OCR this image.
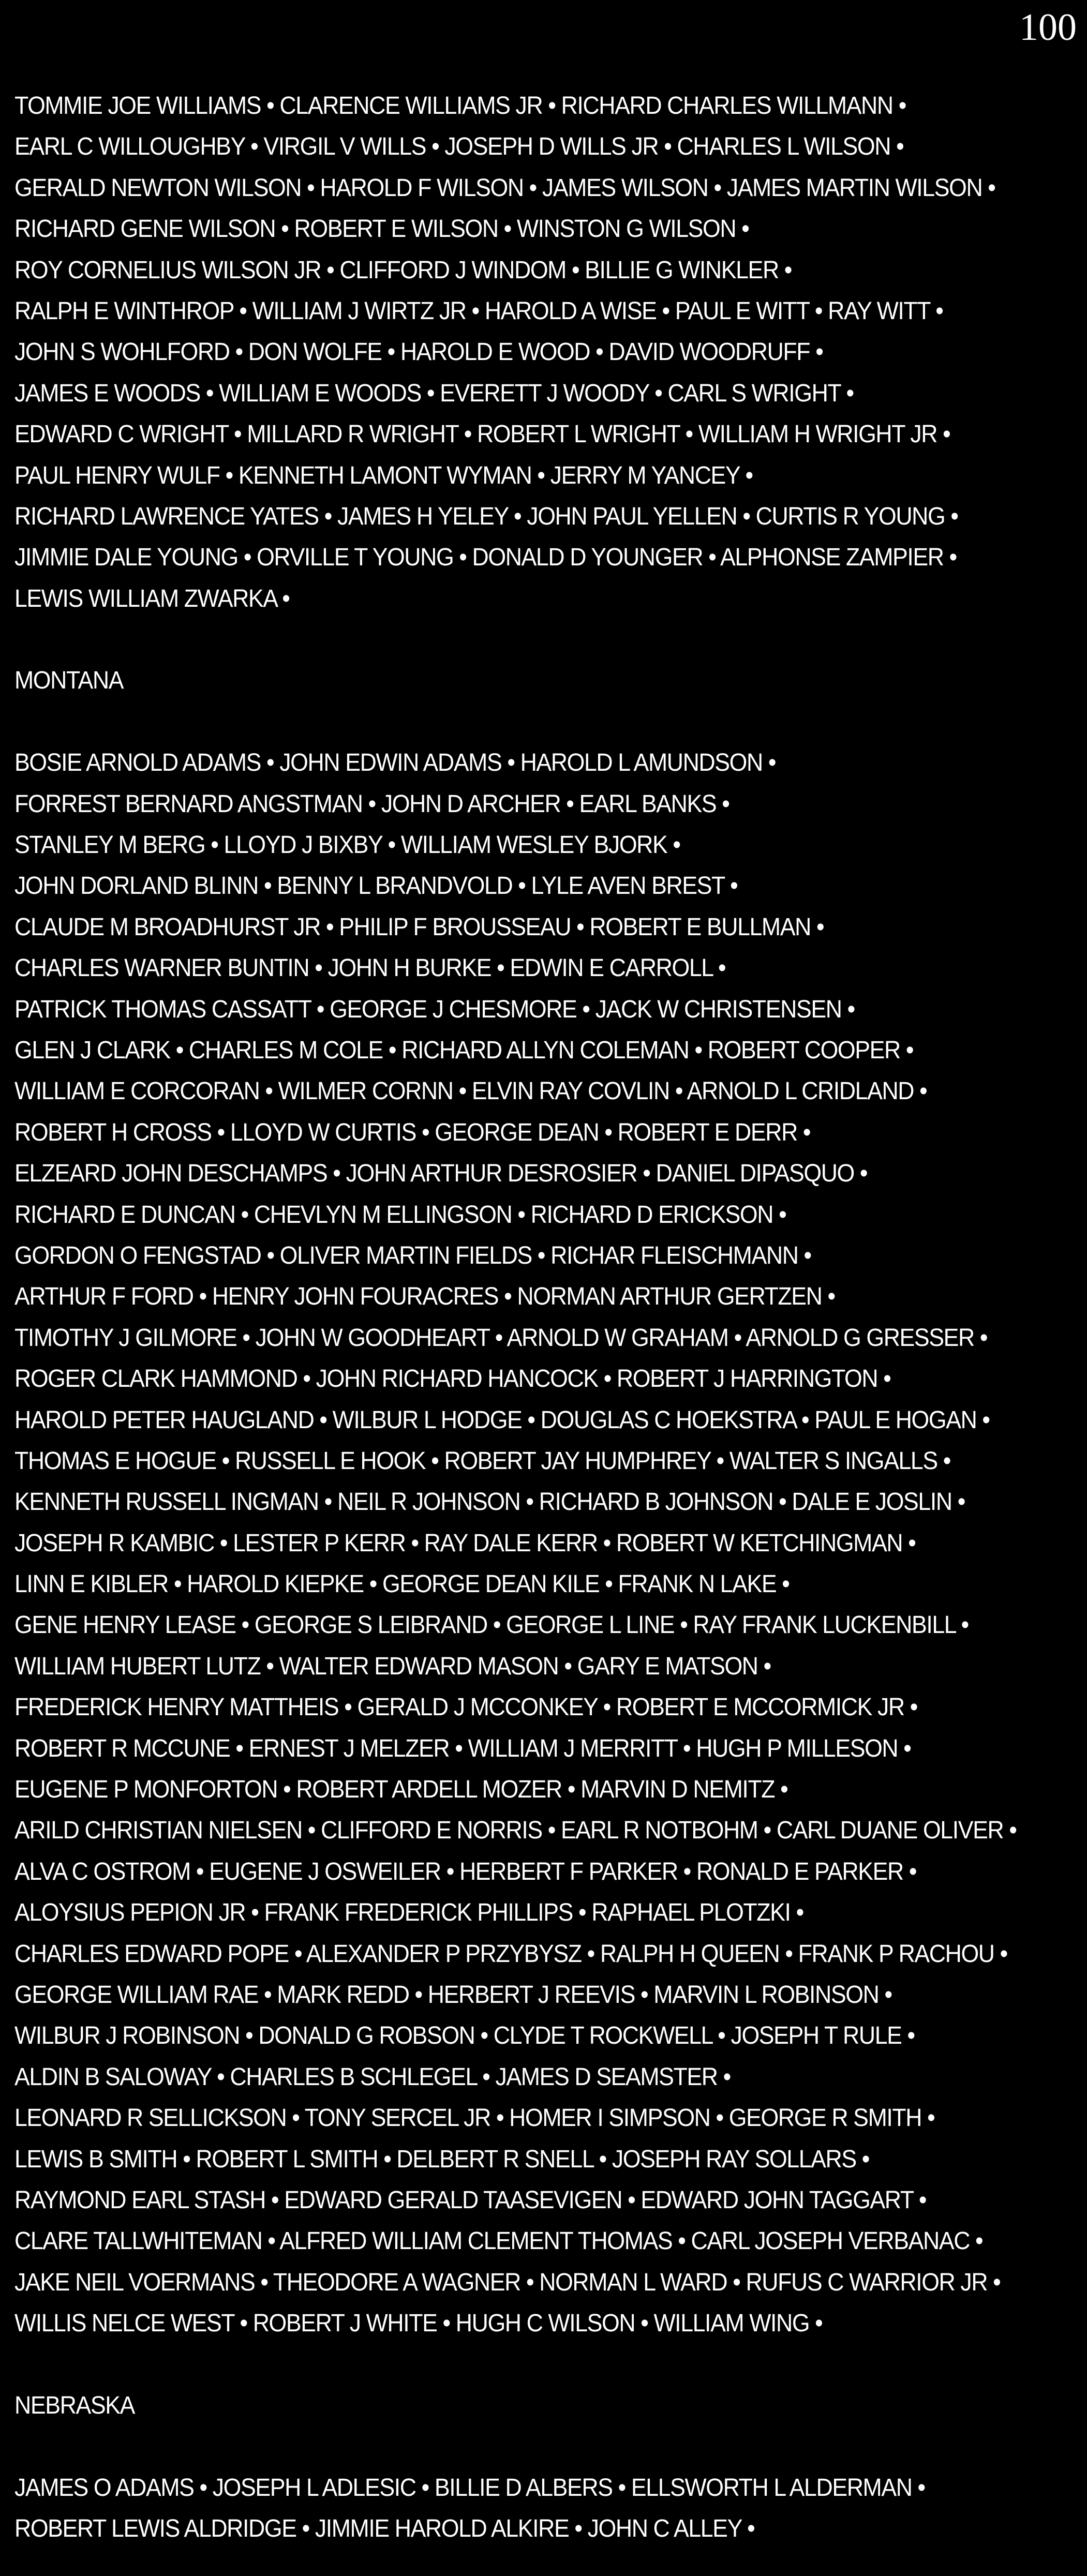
100
TOMMIE JOE WILLIAMS • CLARENCE WILLIAMS JR • RICHARD CHARLES WILLMANN •
EARL C WILLOUGHBY • VIRGIL V WILLS • JOSEPH D WILLS JR • CHARLES L WILSON •
GERALD NEWTON WILSON • HAROLD F WILSON • JAMES WILSON • JAMES MARTIN WILSON •
RICHARD GENE WILSON • ROBERT E WILSON • WINSTON G WILSON •
ROY CORNELIUS WILSON JR • CLIFFORD J WINDOM • BILLIE G WINKLER •
RALPH E WINTHROP • WILLIAM J WIRTZ JR • HAROLD A WISE • PAUL E WITT • RAY WITT •
JOHN S WOHLFORD • DON WOLFE • HAROLD E WOOD • DAVID WOODRUFF •
JAMES E WOODS • WILLIAM E WOODS • EVERETT J WOODY • CARL S WRIGHT •
EDWARD C WRIGHT • MILLARD R WRIGHT • ROBERT L WRIGHT • WILLIAM H WRIGHT JR •
PAUL HENRY WULF • KENNETH LAMONT WYMAN • JERRY M YANCEY •
RICHARD LAWRENCE YATES • JAMES H YELEY • JOHN PAUL YELLEN • CURTIS R YOUNG •
JIMMIE DALE YOUNG • ORVILLE T YOUNG • DONALD D YOUNGER • ALPHONSE ZAMPIER •
LEWIS WILLIAM ZWARKA •
MONTANA
BOSIE ARNOLD ADAMS • JOHN EDWIN ADAMS • HAROLD L AMUNDSON •
FORREST BERNARD ANGSTMAN • JOHN D ARCHER • EARL BANKS •
STANLEY M BERG • LLOYD J BIXBY • WILLIAM WESLEY BJORK •
JOHN DORLAND BLINN • BENNY L BRANDVOLD • LYLE AVEN BREST •
CLAUDE M BROADHURST JR • PHILIP F BROUSSEAU • ROBERT E BULLMAN •
CHARLES WARNER BUNTIN • JOHN H BURKE • EDWIN E CARROLL •
PATRICK THOMAS CASSATT • GEORGE J CHESMORE • JACK W CHRISTENSEN •
GLEN J CLARK • CHARLES M COLE • RICHARD ALLYN COLEMAN • ROBERT COOPER •
WILLIAM E CORCORAN • WILMER CORNN • ELVIN RAY COVLIN • ARNOLD L CRIDLAND •
ROBERT H CROSS • LLOYD W CURTIS • GEORGE DEAN • ROBERT E DERR •
ELZEARD JOHN DESCHAMPS • JOHN ARTHUR DESROSIER • DANIEL DIPASQUO •
RICHARD E DUNCAN • CHEVLYN M ELLINGSON • RICHARD D ERICKSON •
GORDON O FENGSTAD • OLIVER MARTIN FIELDS • RICHAR FLEISCHMANN •
ARTHUR F FORD • HENRY JOHN FOURACRES • NORMAN ARTHUR GERTZEN •
TIMOTHY J GILMORE • JOHN W GOODHEART • ARNOLD W GRAHAM • ARNOLD G GRESSER •
ROGER CLARK HAMMOND • JOHN RICHARD HANCOCK • ROBERT J HARRINGTON •
HAROLD PETER HAUGLAND • WILBUR L HODGE • DOUGLAS C HOEKSTRA • PAUL E HOGAN •
THOMAS E HOGUE • RUSSELL E HOOK • ROBERT JAY HUMPHREY • WALTER S INGALLS •
KENNETH RUSSELL INGMAN • NEIL R JOHNSON • RICHARD B JOHNSON • DALE E JOSLIN •
JOSEPH R KAMBIC • LESTER P KERR • RAY DALE KERR • ROBERT W KETCHINGMAN •
LINN E KIBLER • HAROLD KIEPKE • GEORGE DEAN KILE • FRANK N LAKE •
GENE HENRY LEASE • GEORGE S LEIBRAND • GEORGE L LINE • RAY FRANK LUCKENBILL •
WILLIAM HUBERT LUTZ • WALTER EDWARD MASON • GARY E MATSON •
FREDERICK HENRY MATTHEIS • GERALD J MCCONKEY • ROBERT E MCCORMICK JR •
ROBERT R MCCUNE • ERNEST J MELZER • WILLIAM J MERRITT • HUGH P MILLESON •
EUGENE P MONFORTON • ROBERT ARDELL MOZER • MARVIN D NEMITZ •
ARILD CHRISTIAN NIELSEN • CLIFFORD E NORRIS • EARL R NOTBOHM • CARL DUANE OLIVER •
ALVA C OSTROM • EUGENE J OSWEILER • HERBERT F PARKER • RONALD E PARKER •
ALOYSIUS PEPION JR • FRANK FREDERICK PHILLIPS • RAPHAEL PLOTZKI •
CHARLES EDWARD POPE • ALEXANDER P PRZYBYSZ • RALPH H QUEEN • FRANK P RACHOU •
GEORGE WILLIAM RAE • MARK REDD • HERBERT J REEVIS • MARVIN L ROBINSON •
WILBUR J ROBINSON • DONALD G ROBSON • CLYDE T ROCKWELL • JOSEPH T RULE •
ALDIN B SALOWAY • CHARLES B SCHLEGEL • JAMES D SEAMSTER •
LEONARD R SELLICKSON • TONY SERCEL JR • HOMER I SIMPSON • GEORGE R SMITH •
LEWIS B SMITH • ROBERT L SMITH • DELBERT R SNELL • JOSEPH RAY SOLLARS •
RAYMOND EARL STASH • EDWARD GERALD TAASEVIGEN • EDWARD JOHN TAGGART •
CLARE TALLWHITEMAN • ALFRED WILLIAM CLEMENT THOMAS • CARL JOSEPH VERBANAC •
JAKE NEIL VOERMANS • THEODORE A WAGNER • NORMAN L WARD • RUFUS C WARRIOR JR •
WILLIS NELCE WEST • ROBERT J WHITE • HUGH C WILSON • WILLIAM WING •
NEBRASKA
JAMES O ADAMS • JOSEPH L ADLESIC • BILLIE D ALBERS • ELLSWORTH L ALDERMAN •
ROBERT LEWIS ALDRIDGE • JIMMIE HAROLD ALKIRE • JOHN C ALLEY •
